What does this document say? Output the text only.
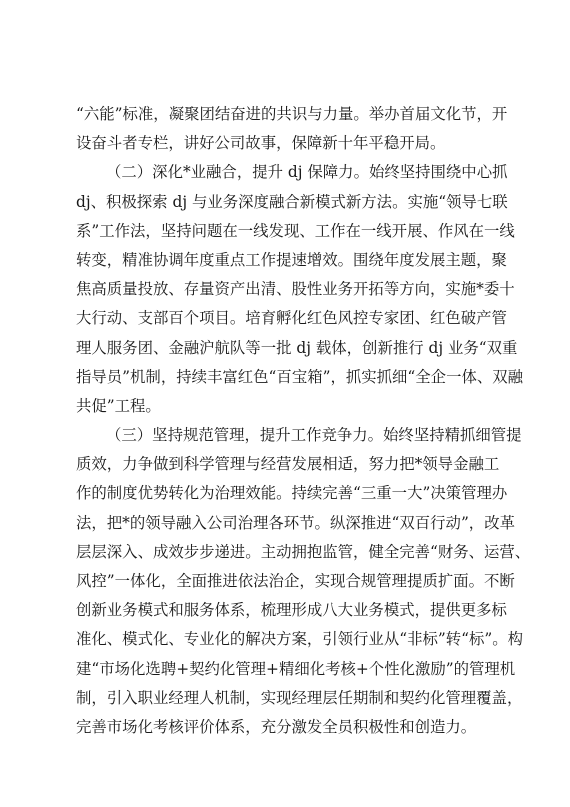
“六能”标准，凝聚团结奋进的共识与力量。举办首届文化节，开
设奋斗者专栏，讲好公司故事，保障新十年平稳开局。
（二）深化*业融合，提升 dj 保障力。始终坚持围绕中心抓
dj、积极探索 dj 与业务深度融合新模式新方法。实施“领导七联
系”工作法，坚持问题在一线发现、工作在一线开展、作风在一线
转变，精准协调年度重点工作提速增效。围绕年度发展主题，聚
焦高质量投放、存量资产出清、股性业务开拓等方向，实施*委十
大行动、支部百个项目。培育孵化红色风控专家团、红色破产管
理人服务团、金融沪航队等一批 dj 载体，创新推行 dj 业务“双重
指导员”机制，持续丰富红色“百宝箱”，抓实抓细“全企一体、双融
共促”工程。
（三）坚持规范管理，提升工作竞争力。始终坚持精抓细管提
质效，力争做到科学管理与经营发展相适，努力把*领导金融工
作的制度优势转化为治理效能。持续完善“三重一大”决策管理办
法，把*的领导融入公司治理各环节。纵深推进“双百行动”，改革
层层深入、成效步步递进。主动拥抱监管，健全完善“财务、运营、
风控”一体化，全面推进依法治企，实现合规管理提质扩面。不断
创新业务模式和服务体系，梳理形成八大业务模式，提供更多标
准化、模式化、专业化的解决方案，引领行业从“非标”转“标”。构
建“市场化选聘+契约化管理+精细化考核+个性化激励”的管理机
制，引入职业经理人机制，实现经理层任期制和契约化管理覆盖，
完善市场化考核评价体系，充分激发全员积极性和创造力。
